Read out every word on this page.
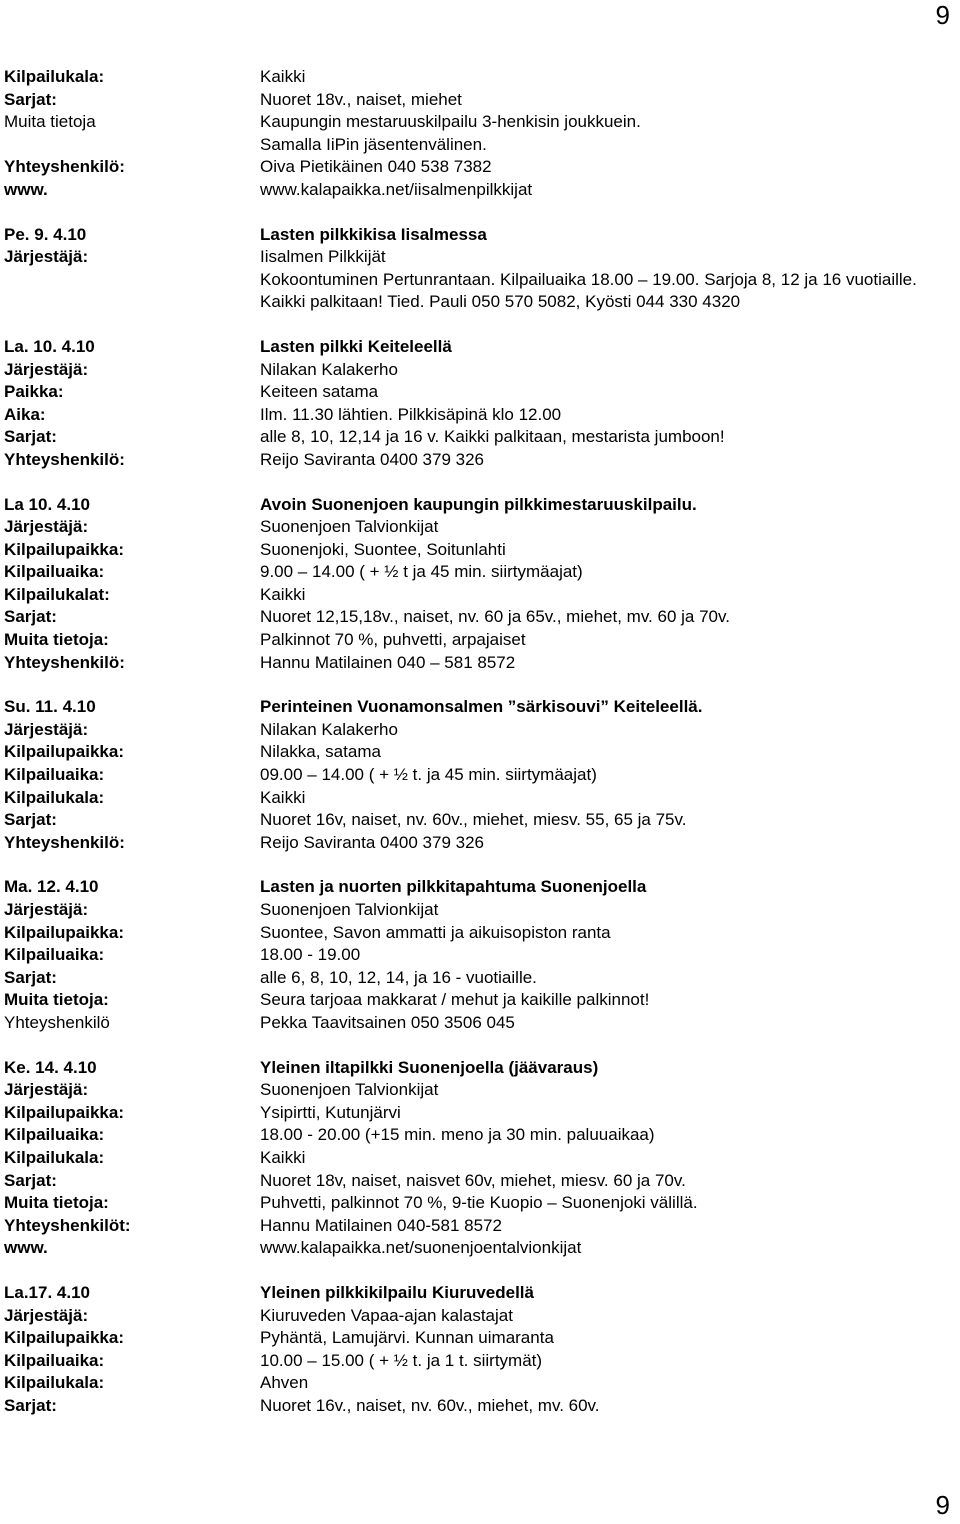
9
Kilpailukala:	Kaikki
Sarjat:	Nuoret 18v., naiset, miehet
Muita tietoja	Kaupungin mestaruuskilpailu 3-henkisin joukkuein.
Samalla IiPin jäsentenvälinen.
Yhteyshenkilö:	Oiva Pietikäinen 040 538 7382
www.	www.kalapaikka.net/iisalmenpilkkijat
Pe. 9. 4.10	Lasten pilkkikisa Iisalmessa
Järjestäjä:	Iisalmen Pilkkijät
Kokoontuminen Pertunrantaan. Kilpailuaika 18.00 – 19.00. Sarjoja 8, 12 ja 16 vuotiaille. Kaikki palkitaan! Tied. Pauli 050 570 5082, Kyösti 044 330 4320
La. 10. 4.10	Lasten pilkki Keiteleellä
Järjestäjä:	Nilakan Kalakerho
Paikka:	Keiteen satama
Aika:	Ilm. 11.30 lähtien. Pilkkisäpinä klo 12.00
Sarjat:	alle 8, 10, 12,14 ja 16 v. Kaikki palkitaan, mestarista jumboon!
Yhteyshenkilö:	Reijo Saviranta 0400 379 326
La 10. 4.10	Avoin Suonenjoen kaupungin pilkkimestaruuskilpailu.
Järjestäjä:	Suonenjoen Talvionkijat
Kilpailupaikka:	Suonenjoki, Suontee, Soitunlahti
Kilpailuaika:	9.00 – 14.00 ( + ½ t ja 45 min. siirtymäajat)
Kilpailukalat:	Kaikki
Sarjat:	Nuoret 12,15,18v., naiset, nv. 60 ja 65v., miehet, mv. 60 ja 70v.
Muita tietoja:	Palkinnot 70 %, puhvetti, arpajaiset
Yhteyshenkilö:	Hannu Matilainen 040 – 581 8572
Su. 11. 4.10	Perinteinen Vuonamonsalmen ”särkisouvi” Keiteleellä.
Järjestäjä:	Nilakan Kalakerho
Kilpailupaikka:	Nilakka, satama
Kilpailuaika:	09.00 – 14.00 ( + ½ t. ja 45 min. siirtymäajat)
Kilpailukala:	Kaikki
Sarjat:	Nuoret 16v, naiset, nv. 60v., miehet, miesv. 55, 65 ja 75v.
Yhteyshenkilö:	Reijo Saviranta 0400 379 326
Ma. 12. 4.10	Lasten ja nuorten pilkkitapahtuma Suonenjoella
Järjestäjä:	Suonenjoen Talvionkijat
Kilpailupaikka:	Suontee, Savon ammatti ja aikuisopiston ranta
Kilpailuaika:	18.00 - 19.00
Sarjat:	alle 6, 8, 10, 12, 14, ja 16 - vuotiaille.
Muita tietoja:	Seura tarjoaa makkarat / mehut ja kaikille palkinnot!
Yhteyshenkilö	Pekka Taavitsainen 050 3506 045
Ke. 14. 4.10	Yleinen iltapilkki Suonenjoella (jäävaraus)
Järjestäjä:	Suonenjoen Talvionkijat
Kilpailupaikka:	Ysipirtti, Kutunjärvi
Kilpailuaika:	18.00 - 20.00 (+15 min. meno ja 30 min. paluuaikaa)
Kilpailukala:	Kaikki
Sarjat:	Nuoret 18v, naiset, naisvet 60v, miehet, miesv. 60 ja 70v.
Muita tietoja:	Puhvetti, palkinnot 70 %, 9-tie Kuopio – Suonenjoki välillä.
Yhteyshenkilöt:	Hannu Matilainen 040-581 8572
www.	www.kalapaikka.net/suonenjoentalvionkijat
La.17. 4.10	Yleinen pilkkikilpailu Kiuruvedellä
Järjestäjä:	Kiuruveden Vapaa-ajan kalastajat
Kilpailupaikka:	Pyhäntä, Lamujärvi. Kunnan uimaranta
Kilpailuaika:	10.00 – 15.00 ( + ½ t. ja 1 t. siirtymät)
Kilpailukala:	Ahven
Sarjat:	Nuoret 16v., naiset, nv. 60v., miehet, mv. 60v.
9
